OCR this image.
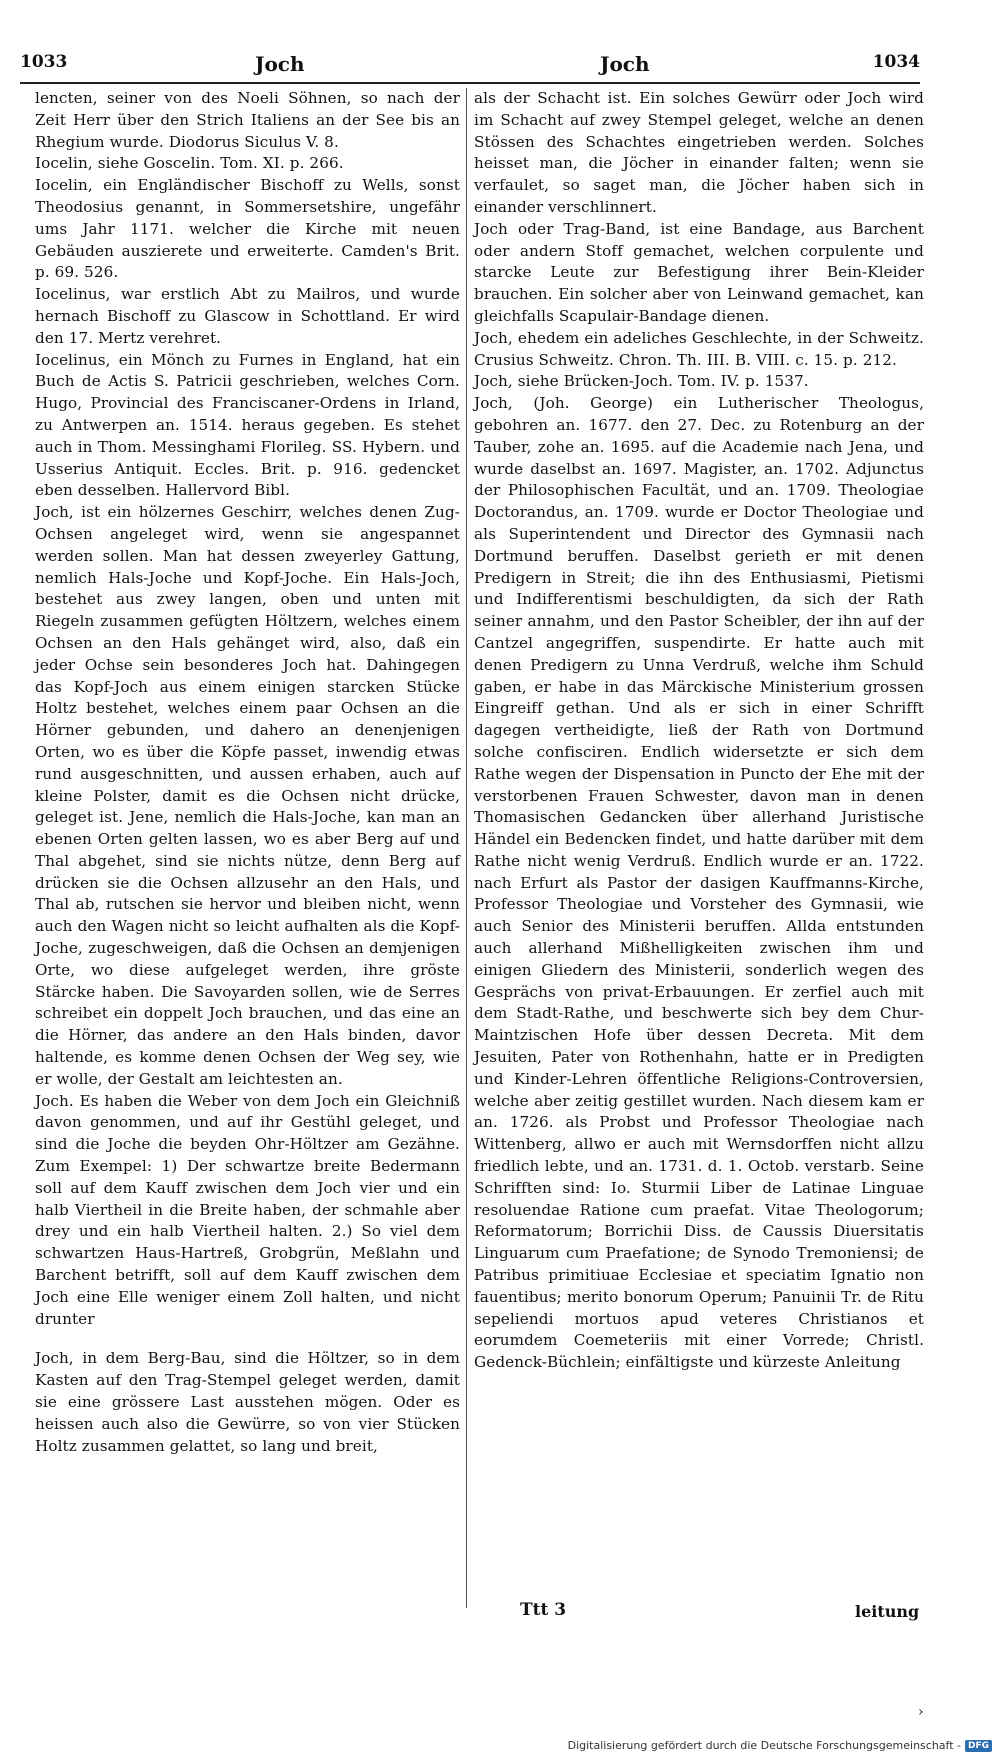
1033	Joch	Joch	1034

lencten, seiner von des Noeli Söhnen, so nach der Zeit Herr über den Strich Italiens an der See bis an Rhegium wurde. Diodorus Siculus V. 8.

Iocelin, siehe Goscelin. Tom. XI. p. 266.

Iocelin, ein Engländischer Bischoff zu Wells, sonst Theodosius genannt, in Sommersetshire, ungefähr ums Jahr 1171. welcher die Kirche mit neuen Gebäuden auszierete und erweiterte. Camden's Brit. p. 69. 526.

Iocelinus, war erstlich Abt zu Mailros, und wurde hernach Bischoff zu Glascow in Schottland. Er wird den 17. Mertz verehret.

Iocelinus, ein Mönch zu Furnes in England, hat ein Buch de Actis S. Patricii geschrieben, welches Corn. Hugo, Provincial des Franciscaner-Ordens in Irland, zu Antwerpen an. 1514. heraus gegeben. Es stehet auch in Thom. Messinghami Florileg. SS. Hybern. und Usserius Antiquit. Eccles. Brit. p. 916. gedencket eben desselben. Hallervord Bibl.

Joch, ist ein hölzernes Geschirr, welches denen Zug-Ochsen angeleget wird, wenn sie angespannet werden sollen. Man hat dessen zweyerley Gattung, nemlich Hals-Joche und Kopf-Joche. Ein Hals-Joch, bestehet aus zwey langen, oben und unten mit Riegeln zusammen gefügten Höltzern, welches einem Ochsen an den Hals gehänget wird, also, daß ein jeder Ochse sein besonderes Joch hat. Dahingegen das Kopf-Joch aus einem einigen starcken Stücke Holtz bestehet, welches einem paar Ochsen an die Hörner gebunden, und dahero an denenjenigen Orten, wo es über die Köpfe passet, inwendig etwas rund ausgeschnitten, und aussen erhaben, auch auf kleine Polster, damit es die Ochsen nicht drücke, geleget ist. Jene, nemlich die Hals-Joche, kan man an ebenen Orten gelten lassen, wo es aber Berg auf und Thal abgehet, sind sie nichts nütze, denn Berg auf drücken sie die Ochsen allzusehr an den Hals, und Thal ab, rutschen sie hervor und bleiben nicht, wenn auch den Wagen nicht so leicht aufhalten als die Kopf-Joche, zugeschweigen, daß die Ochsen an demjenigen Orte, wo diese aufgeleget werden, ihre gröste Stärcke haben. Die Savoyarden sollen, wie de Serres schreibet ein doppelt Joch brauchen, und das eine an die Hörner, das andere an den Hals binden, davor haltende, es komme denen Ochsen der Weg sey, wie er wolle, der Gestalt am leichtesten an.

Joch. Es haben die Weber von dem Joch ein Gleichniß davon genommen, und auf ihr Gestühl geleget, und sind die Joche die beyden Ohr-Höltzer am Gezähne. Zum Exempel: 1) Der schwartze breite Bedermann soll auf dem Kauff zwischen dem Joch vier und ein halb Viertheil in die Breite haben, der schmahle aber drey und ein halb Viertheil halten. 2.) So viel dem schwartzen Haus-Hartreß, Grobgrün, Meßlahn und Barchent betrifft, soll auf dem Kauff zwischen dem Joch eine Elle weniger einem Zoll halten, und nicht drunter

Joch, in dem Berg-Bau, sind die Höltzer, so in dem Kasten auf den Trag-Stempel geleget werden, damit sie eine grössere Last ausstehen mögen. Oder es heissen auch also die Gewürre, so von vier Stücken Holtz zusammen gelattet, so lang und breit,

als der Schacht ist. Ein solches Gewürr oder Joch wird im Schacht auf zwey Stempel geleget, welche an denen Stössen des Schachtes eingetrieben werden. Solches heisset man, die Jöcher in einander falten; wenn sie verfaulet, so saget man, die Jöcher haben sich in einander verschlinnert.

Joch oder Trag-Band, ist eine Bandage, aus Barchent oder andern Stoff gemachet, welchen corpulente und starcke Leute zur Befestigung ihrer Bein-Kleider brauchen. Ein solcher aber von Leinwand gemachet, kan gleichfalls Scapulair-Bandage dienen.

Joch, ehedem ein adeliches Geschlechte, in der Schweitz. Crusius Schweitz. Chron. Th. III. B. VIII. c. 15. p. 212.

Joch, siehe Brücken-Joch. Tom. IV. p. 1537.

Joch, (Joh. George) ein Lutherischer Theologus, gebohren an. 1677. den 27. Dec. zu Rotenburg an der Tauber, zohe an. 1695. auf die Academie nach Jena, und wurde daselbst an. 1697. Magister, an. 1702. Adjunctus der Philosophischen Facultät, und an. 1709. Theologiae Doctorandus, an. 1709. wurde er Doctor Theologiae und als Superintendent und Director des Gymnasii nach Dortmund beruffen. Daselbst gerieth er mit denen Predigern in Streit; die ihn des Enthusiasmi, Pietismi und Indifferentismi beschuldigten, da sich der Rath seiner annahm, und den Pastor Scheibler, der ihn auf der Cantzel angegriffen, suspendirte. Er hatte auch mit denen Predigern zu Unna Verdruß, welche ihm Schuld gaben, er habe in das Märckische Ministerium grossen Eingreiff gethan. Und als er sich in einer Schrifft dagegen vertheidigte, ließ der Rath von Dortmund solche confisciren. Endlich widersetzte er sich dem Rathe wegen der Dispensation in Puncto der Ehe mit der verstorbenen Frauen Schwester, davon man in denen Thomasischen Gedancken über allerhand Juristische Händel ein Bedencken findet, und hatte darüber mit dem Rathe nicht wenig Verdruß. Endlich wurde er an. 1722. nach Erfurt als Pastor der dasigen Kauffmanns-Kirche, Professor Theologiae und Vorsteher des Gymnasii, wie auch Senior des Ministerii beruffen. Allda entstunden auch allerhand Mißhelligkeiten zwischen ihm und einigen Gliedern des Ministerii, sonderlich wegen des Gesprächs von privat-Erbauungen. Er zerfiel auch mit dem Stadt-Rathe, und beschwerte sich bey dem Chur-Maintzischen Hofe über dessen Decreta. Mit dem Jesuiten, Pater von Rothenhahn, hatte er in Predigten und Kinder-Lehren öffentliche Religions-Controversien, welche aber zeitig gestillet wurden. Nach diesem kam er an. 1726. als Probst und Professor Theologiae nach Wittenberg, allwo er auch mit Wernsdorffen nicht allzu friedlich lebte, und an. 1731. d. 1. Octob. verstarb. Seine Schrifften sind: Io. Sturmii Liber de Latinae Linguae resoluendae Ratione cum praefat. Vitae Theologorum; Reformatorum; Borrichii Diss. de Caussis Diuersitatis Linguarum cum Praefatione; de Synodo Tremoniensi; de Patribus primitiuae Ecclesiae et speciatim Ignatio non fauentibus; merito bonorum Operum; Panuinii Tr. de Ritu sepeliendi mortuos apud veteres Christianos et eorumdem Coemeteriis mit einer Vorrede; Christl. Gedenck-Büchlein; einfältigste und kürzeste Anleitung

Ttt 3	leitung
›
Digitalisierung gefördert durch die Deutsche Forschungsgemeinschaft - DFG
